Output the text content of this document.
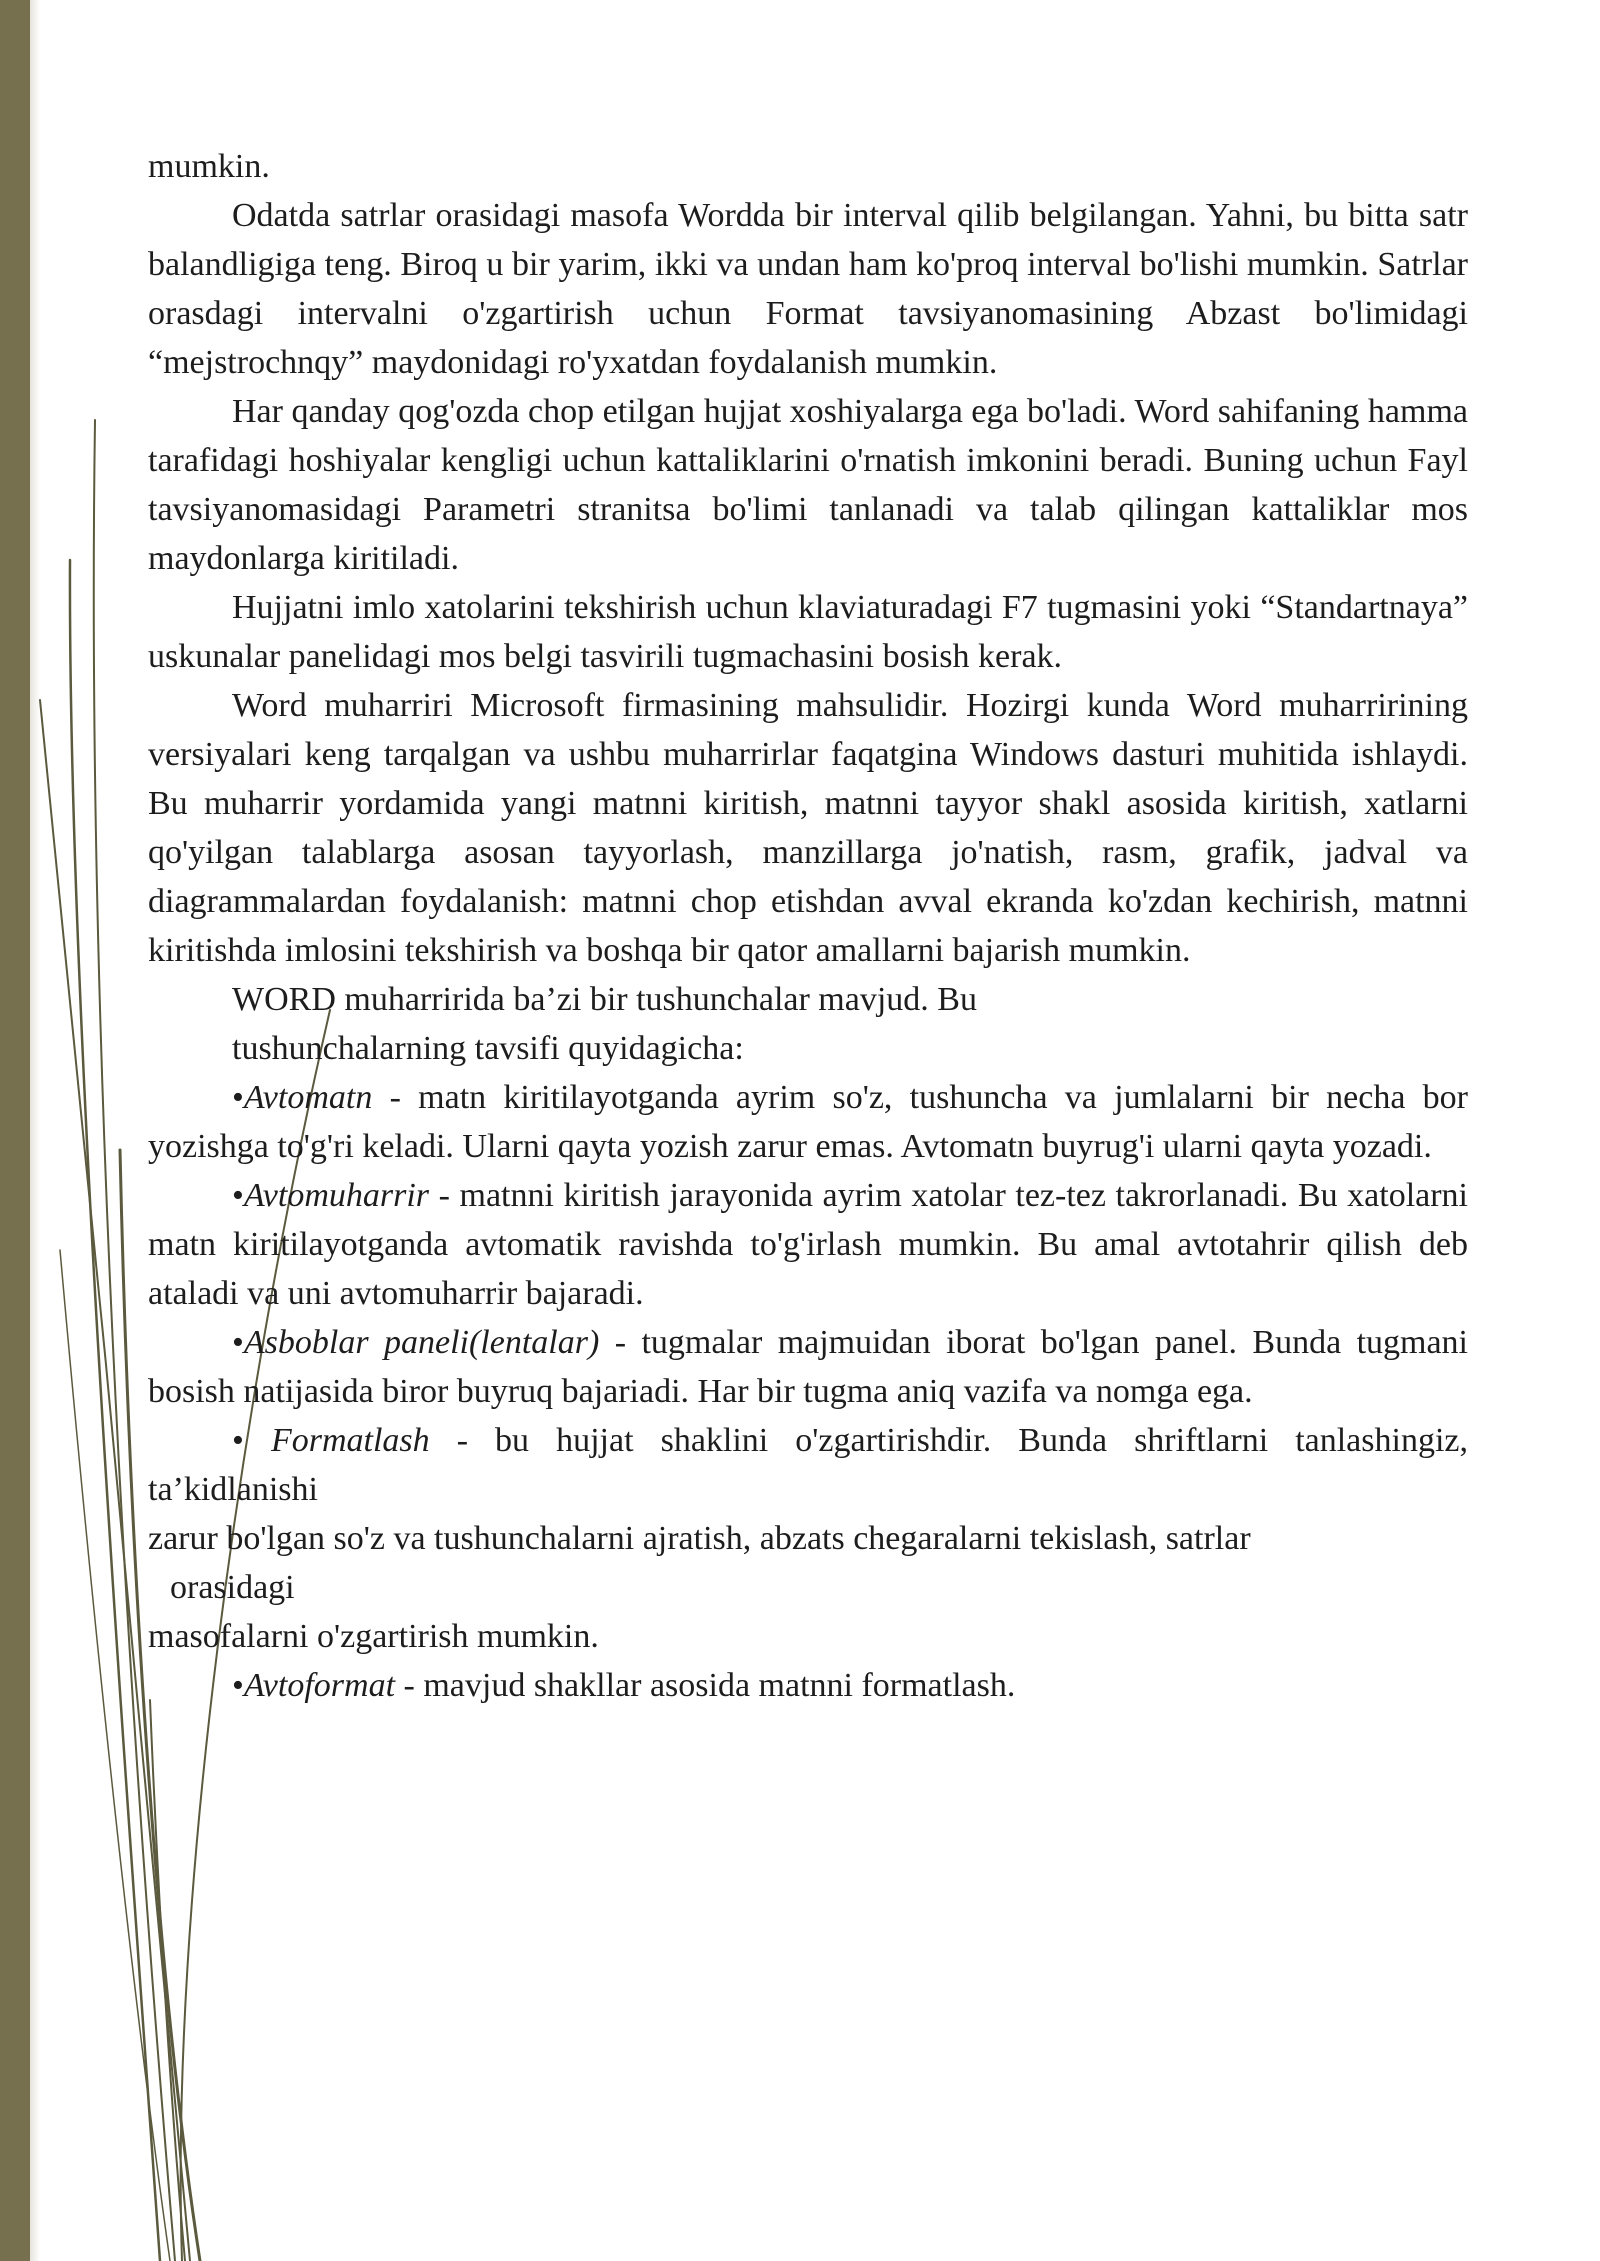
mumkin.

Odatda satrlar orasidagi masofa Wordda bir interval qilib belgilangan. Yahni, bu bitta satr balandligiga teng. Biroq u bir yarim, ikki va undan ham ko'proq interval bo'lishi mumkin. Satrlar orasdagi intervalni o'zgartirish uchun Format tavsiyanomasining Abzast bo'limidagi “mejstrochnqy” maydonidagi ro'yxatdan foydalanish mumkin.

Har qanday qog'ozda chop etilgan hujjat xoshiyalarga ega bo'ladi. Word sahifaning hamma tarafidagi hoshiyalar kengligi uchun kattaliklarini o'rnatish imkonini beradi. Buning uchun Fayl tavsiyanomasidagi Parametri stranitsa bo'limi tanlanadi va talab qilingan kattaliklar mos maydonlarga kiritiladi.

Hujjatni imlo xatolarini tekshirish uchun klaviaturadagi F7 tugmasini yoki “Standartnaya” uskunalar panelidagi mos belgi tasvirili tugmachasini bosish kerak.

Word muharriri Microsoft firmasining mahsulidir. Hozirgi kunda Word muharririning versiyalari keng tarqalgan va ushbu muharrirlar faqatgina Windows dasturi muhitida ishlaydi. Bu muharrir yordamida yangi matnni kiritish, matnni tayyor shakl asosida kiritish, xatlarni qo'yilgan talablarga asosan tayyorlash, manzillarga jo'natish, rasm, grafik, jadval va diagrammalardan foydalanish: matnni chop etishdan avval ekranda ko'zdan kechirish, matnni kiritishda imlosini tekshirish va boshqa bir qator amallarni bajarish mumkin.

WORD muharririda ba’zi bir tushunchalar mavjud. Bu

tushunchalarning tavsifi quyidagicha:

•Avtomatn - matn kiritilayotganda ayrim so'z, tushuncha va jumlalarni bir necha bor yozishga to'g'ri keladi. Ularni qayta yozish zarur emas. Avtomatn buyrug'i ularni qayta yozadi.

•Avtomuharrir - matnni kiritish jarayonida ayrim xatolar tez-tez takrorlanadi. Bu xatolarni matn kiritilayotganda avtomatik ravishda to'g'irlash mumkin. Bu amal avtotahrir qilish deb ataladi va uni avtomuharrir bajaradi.

•Asboblar paneli(lentalar) - tugmalar majmuidan iborat bo'lgan panel. Bunda tugmani bosish natijasida biror buyruq bajariadi. Har bir tugma aniq vazifa va nomga ega.

• Formatlash - bu hujjat shaklini o'zgartirishdir. Bunda shriftlarni tanlashingiz, ta’kidlanishi

zarur bo'lgan so'z va tushunchalarni ajratish, abzats chegaralarni tekislash, satrlar

orasidagi

masofalarni o'zgartirish mumkin.

•Avtoformat - mavjud shakllar asosida matnni formatlash.
